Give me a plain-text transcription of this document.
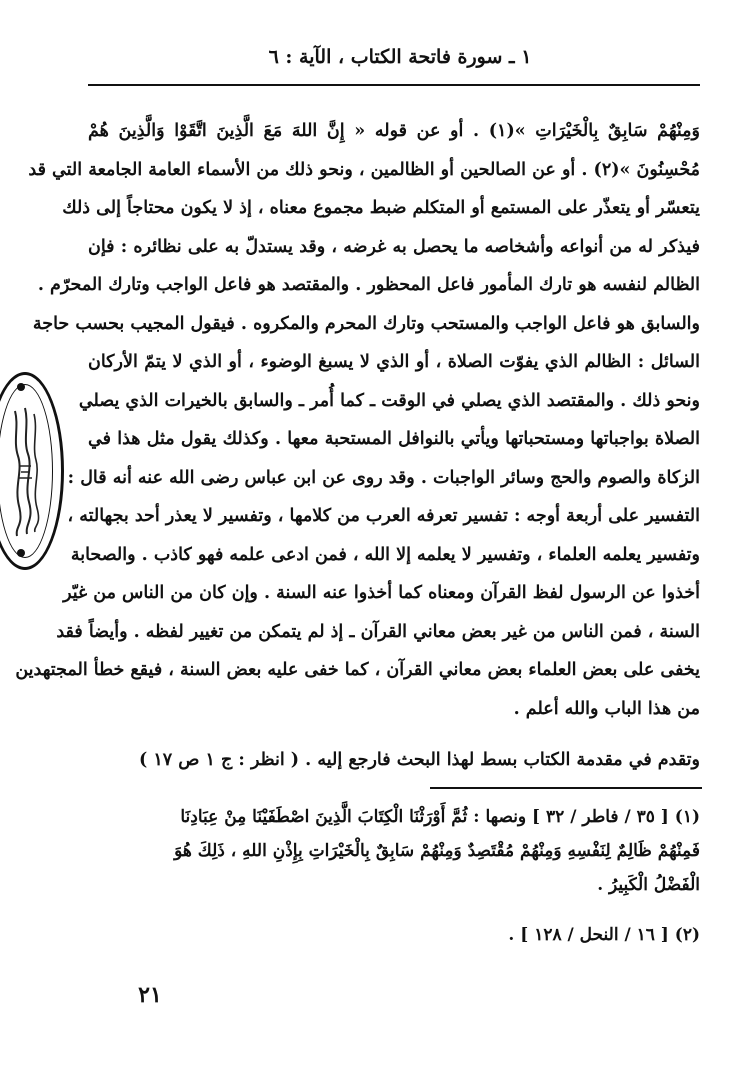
١ ـ سورة فاتحة الكتاب ، الآية : ٦
وَمِنْهُمْ سَابِقٌ بِالْخَيْرَاتِ »(١) . أو عن قوله « إِنَّ اللهَ مَعَ الَّذِينَ اتَّقَوْا وَالَّذِينَ هُمْ
مُحْسِنُونَ »(٢) . أو عن الصالحين أو الظالمين ، ونحو ذلك من الأسماء العامة الجامعة التي قد
يتعسّر أو يتعذّر على المستمع أو المتكلم ضبط مجموع معناه ، إذ لا يكون محتاجاً إلى ذلك
فيذكر له من أنواعه وأشخاصه ما يحصل به غرضه ، وقد يستدلّ به على نظائره : فإن
الظالم لنفسه هو تارك المأمور فاعل المحظور . والمقتصد هو فاعل الواجب وتارك المحرّم .
والسابق هو فاعل الواجب والمستحب وتارك المحرم والمكروه . فيقول المجيب بحسب حاجة
السائل : الظالم الذي يفوّت الصلاة ، أو الذي لا يسبغ الوضوء ، أو الذي لا يتمّ الأركان
ونحو ذلك . والمقتصد الذي يصلي في الوقت ـ كما أُمر ـ والسابق بالخيرات الذي يصلي
الصلاة بواجباتها ومستحباتها ويأتي بالنوافل المستحبة معها . وكذلك يقول مثل هذا في
الزكاة والصوم والحج وسائر الواجبات . وقد روى عن ابن عباس رضى الله عنه أنه قال :
التفسير على أربعة أوجه : تفسير تعرفه العرب من كلامها ، وتفسير لا يعذر أحد بجهالته ،
وتفسير يعلمه العلماء ، وتفسير لا يعلمه إلا الله ، فمن ادعى علمه فهو كاذب . والصحابة
أخذوا عن الرسول لفظ القرآن ومعناه كما أخذوا عنه السنة . وإن كان من الناس من غيّر
السنة ، فمن الناس من غير بعض معاني القرآن ـ إذ لم يتمكن من تغيير لفظه . وأيضاً فقد
يخفى على بعض العلماء بعض معاني القرآن ، كما خفى عليه بعض السنة ، فيقع خطأ المجتهدين
من هذا الباب والله أعلم .
وتقدم في مقدمة الكتاب بسط لهذا البحث فارجع إليه . ( انظر : ج ١ ص ١٧ )
(١) [ ٣٥ / فاطر / ٣٢ ] ونصها : ثُمَّ أَوْرَثْنَا الْكِتَابَ الَّذِينَ اصْطَفَيْنَا مِنْ عِبَادِنَا
فَمِنْهُمْ ظَالِمٌ لِنَفْسِهِ وَمِنْهُمْ مُقْتَصِدٌ وَمِنْهُمْ سَابِقٌ بِالْخَيْرَاتِ بِإِذْنِ اللهِ ، ذَلِكَ هُوَ
الْفَضْلُ الْكَبِيرُ .
(٢) [ ١٦ / النحل / ١٢٨ ] .
٢١
